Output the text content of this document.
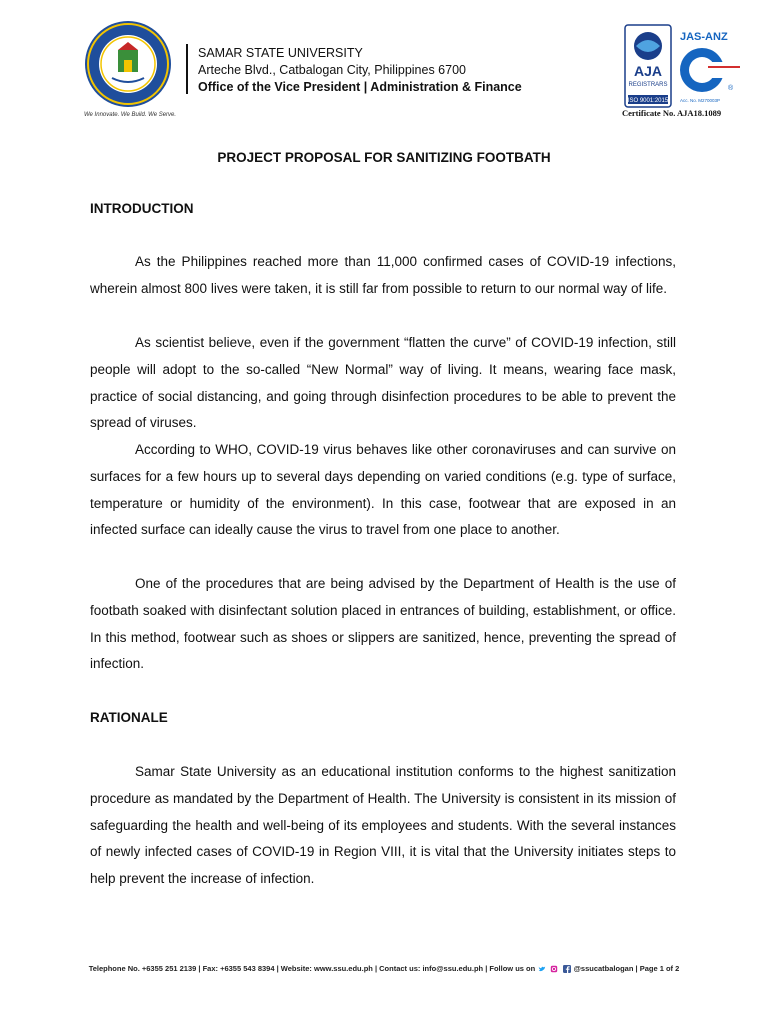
We Innovate. We Build. We Serve.
SAMAR STATE UNIVERSITY
Arteche Blvd., Catbalogan City, Philippines 6700
Office of the Vice President | Administration & Finance
AJA
REGISTRARS
ISO 9001:2015
JAS-ANZ
®
Acc. No. M270003P
Certificate No. AJA18.1089
PROJECT PROPOSAL FOR SANITIZING FOOTBATH
INTRODUCTION

As the Philippines reached more than 11,000 confirmed cases of COVID-19 infections, wherein almost 800 lives were taken, it is still far from possible to return to our normal way of life.

As scientist believe, even if the government “flatten the curve” of COVID-19 infection, still people will adopt to the so-called “New Normal” way of living. It means, wearing face mask, practice of social distancing, and going through disinfection procedures to be able to prevent the spread of viruses.

According to WHO, COVID-19 virus behaves like other coronaviruses and can survive on surfaces for a few hours up to several days depending on varied conditions (e.g. type of surface, temperature or humidity of the environment). In this case, footwear that are exposed in an infected surface can ideally cause the virus to travel from one place to another.

One of the procedures that are being advised by the Department of Health is the use of footbath soaked with disinfectant solution placed in entrances of building, establishment, or office. In this method, footwear such as shoes or slippers are sanitized, hence, preventing the spread of infection.

RATIONALE

Samar State University as an educational institution conforms to the highest sanitization procedure as mandated by the Department of Health. The University is consistent in its mission of safeguarding the health and well-being of its employees and students. With the several instances of newly infected cases of COVID-19 in Region VIII, it is vital that the University initiates steps to help prevent the increase of infection.

Telephone No. +6355 251 2139 | Fax: +6355 543 8394 | Website: www.ssu.edu.ph | Contact us: info@ssu.edu.ph | Follow us on	@ssucatbalogan | Page 1 of 2
